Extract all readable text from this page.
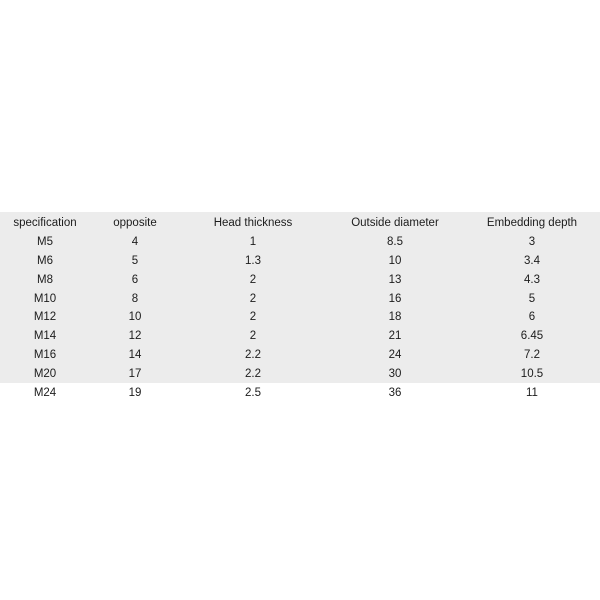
specification	opposite	Head thickness	Outside diameter	Embedding depth
M5	4	1	8.5	3
M6	5	1.3	10	3.4
M8	6	2	13	4.3
M10	8	2	16	5
M12	10	2	18	6
M14	12	2	21	6.45
M16	14	2.2	24	7.2
M20	17	2.2	30	10.5
M24	19	2.5	36	11
